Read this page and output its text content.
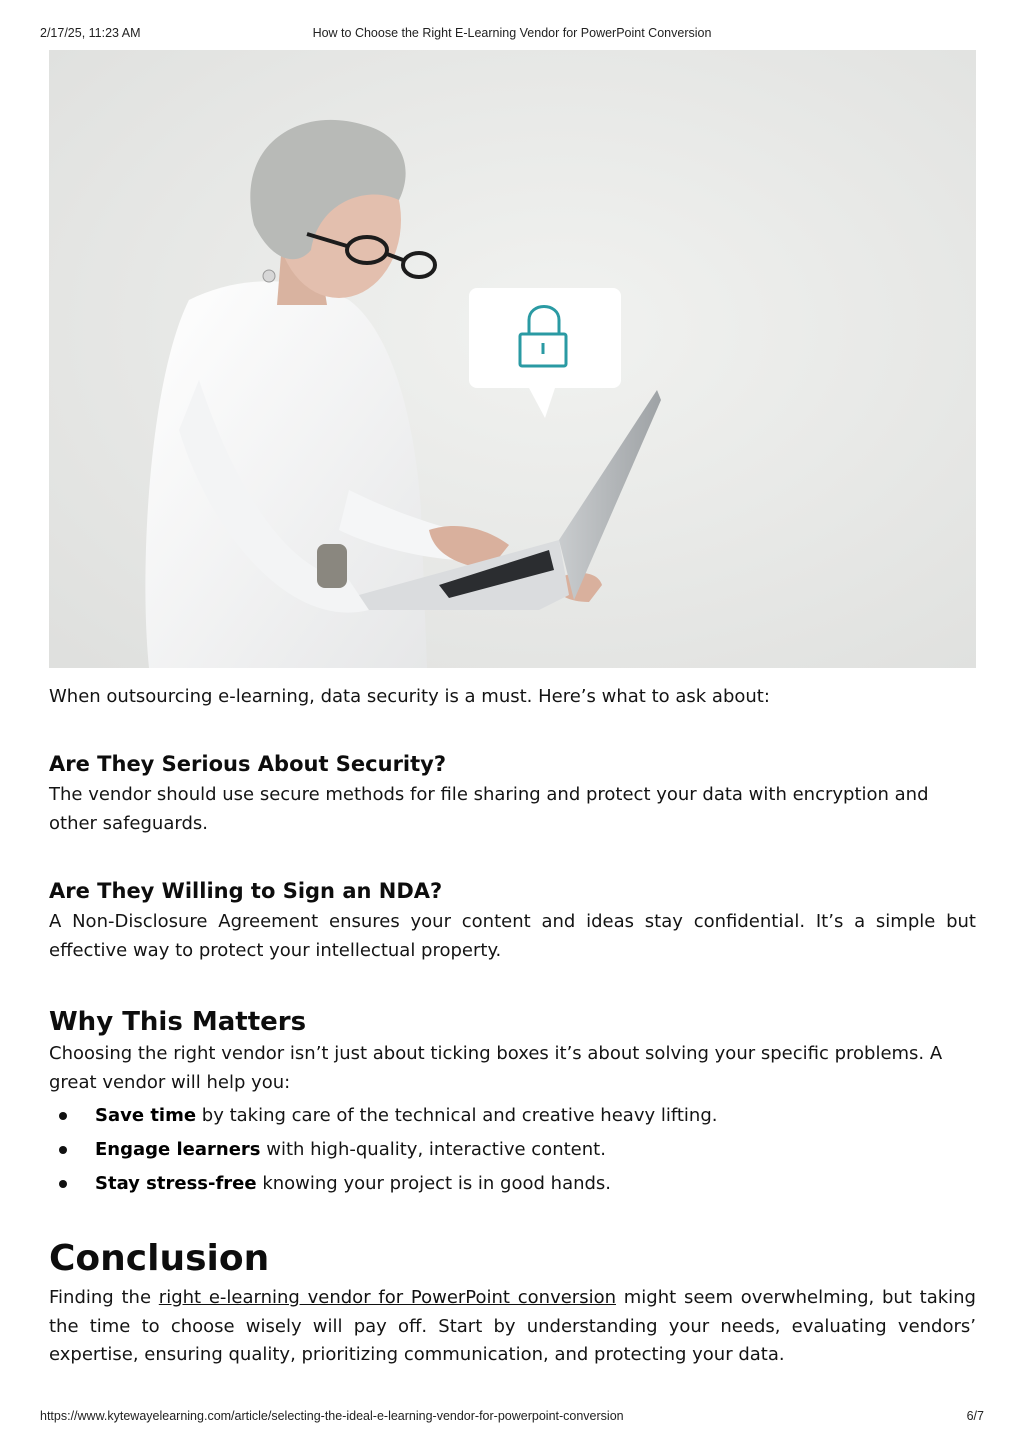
2/17/25, 11:23 AM	How to Choose the Right E-Learning Vendor for PowerPoint Conversion

When outsourcing e-learning, data security is a must. Here’s what to ask about:

Are They Serious About Security?

The vendor should use secure methods for file sharing and protect your data with encryption and other safeguards.

Are They Willing to Sign an NDA?

A Non-Disclosure Agreement ensures your content and ideas stay confidential. It’s a simple but effective way to protect your intellectual property.

Why This Matters

Choosing the right vendor isn’t just about ticking boxes it’s about solving your specific problems. A great vendor will help you:

Save time by taking care of the technical and creative heavy lifting.
Engage learners with high-quality, interactive content.
Stay stress-free knowing your project is in good hands.
Conclusion

Finding the right e-learning vendor for PowerPoint conversion might seem overwhelming, but taking the time to choose wisely will pay off. Start by understanding your needs, evaluating vendors’ expertise, ensuring quality, prioritizing communication, and protecting your data.

https://www.kytewayelearning.com/article/selecting-the-ideal-e-learning-vendor-for-powerpoint-conversion	6/7
